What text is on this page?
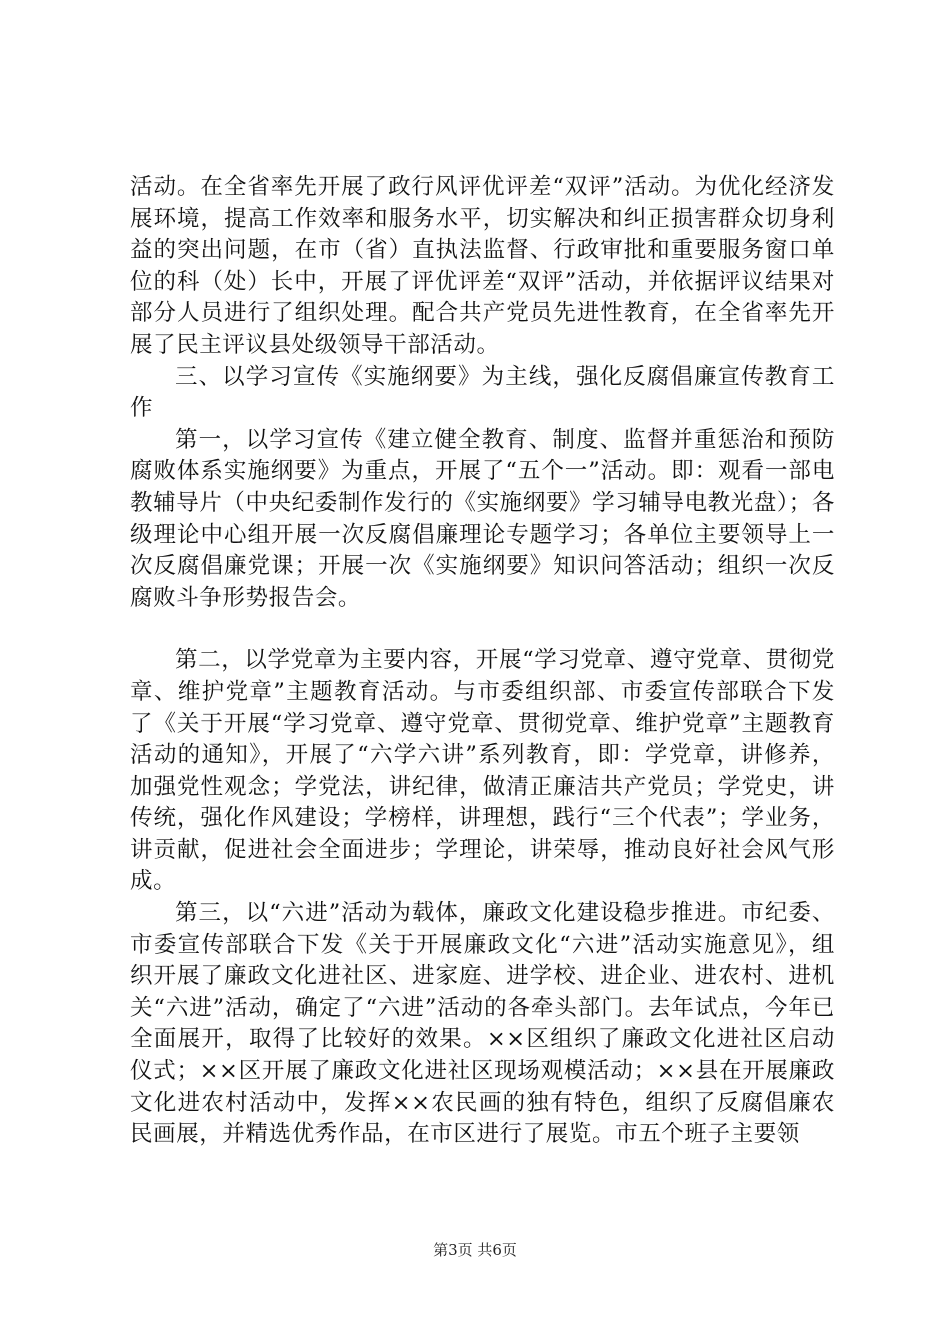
活动。在全省率先开展了政行风评优评差“双评”活动。为优化经济发展环境，提高工作效率和服务水平，切实解决和纠正损害群众切身利益的突出问题，在市（省）直执法监督、行政审批和重要服务窗口单位的科（处）长中，开展了评优评差“双评”活动，并依据评议结果对部分人员进行了组织处理。配合共产党员先进性教育，在全省率先开展了民主评议县处级领导干部活动。

三、以学习宣传《实施纲要》为主线，强化反腐倡廉宣传教育工作

第一，以学习宣传《建立健全教育、制度、监督并重惩治和预防腐败体系实施纲要》为重点，开展了“五个一”活动。即：观看一部电教辅导片（中央纪委制作发行的《实施纲要》学习辅导电教光盘）；各级理论中心组开展一次反腐倡廉理论专题学习；各单位主要领导上一次反腐倡廉党课；开展一次《实施纲要》知识问答活动；组织一次反腐败斗争形势报告会。

第二，以学党章为主要内容，开展“学习党章、遵守党章、贯彻党章、维护党章”主题教育活动。与市委组织部、市委宣传部联合下发了《关于开展“学习党章、遵守党章、贯彻党章、维护党章”主题教育活动的通知》，开展了“六学六讲”系列教育，即：学党章，讲修养，加强党性观念；学党法，讲纪律，做清正廉洁共产党员；学党史，讲传统，强化作风建设；学榜样，讲理想，践行“三个代表”；学业务，讲贡献，促进社会全面进步；学理论，讲荣辱，推动良好社会风气形成。

第三，以“六进”活动为载体，廉政文化建设稳步推进。市纪委、市委宣传部联合下发《关于开展廉政文化“六进”活动实施意见》，组织开展了廉政文化进社区、进家庭、进学校、进企业、进农村、进机关“六进”活动，确定了“六进”活动的各牵头部门。去年试点，今年已全面展开，取得了比较好的效果。××区组织了廉政文化进社区启动仪式；××区开展了廉政文化进社区现场观模活动；××县在开展廉政文化进农村活动中，发挥××农民画的独有特色，组织了反腐倡廉农民画展，并精选优秀作品，在市区进行了展览。市五个班子主要领

第3页 共6页
